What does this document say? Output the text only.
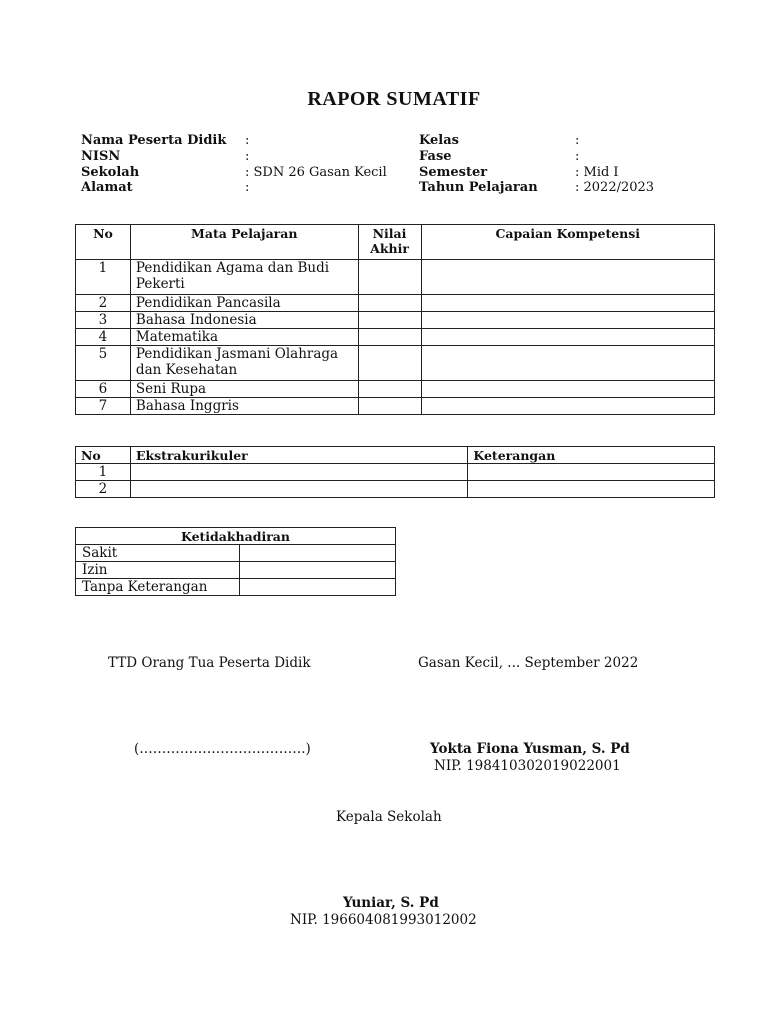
RAPOR SUMATIF
Nama Peserta Didik :
NISN	:
Sekolah	: SDN 26 Gasan Kecil
Alamat	:
Kelas	:
Fase	:
Semester	: Mid I
Tahun Pelajaran	: 2022/2023
No	Mata Pelajaran	Nilai Akhir	Capaian Kompetensi
1	Pendidikan Agama dan Budi Pekerti		
2	Pendidikan Pancasila		
3	Bahasa Indonesia		
4	Matematika		
5	Pendidikan Jasmani Olahraga dan Kesehatan		
6	Seni Rupa		
7	Bahasa Inggris		
No	Ekstrakurikuler	Keterangan
1		
2		
Ketidakhadiran	
Sakit	
Izin	
Tanpa Keterangan	
TTD Orang Tua Peserta Didik	Gasan Kecil, ... September 2022
(……………………………….)	Yokta Fiona Yusman, S. Pd
NIP. 198410302019022001
Kepala Sekolah
Yuniar, S. Pd
NIP. 196604081993012002
